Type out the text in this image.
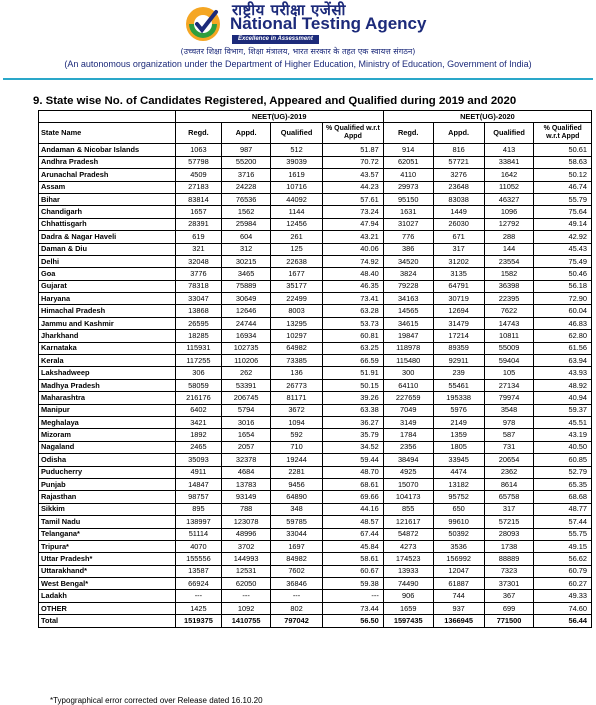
राष्ट्रीय परीक्षा एजेंसी
National Testing Agency
Excellence in Assessment
(उच्चतर शिक्षा विभाग, शिक्षा मंत्रालय, भारत सरकार के तहत एक स्वायत्त संगठन)
(An autonomous organization under the Department of Higher Education, Ministry of Education, Government of India)
9. State wise No. of Candidates Registered, Appeared and Qualified during 2019 and 2020
	NEET(UG)-2019				NEET(UG)-2020			
State Name	Regd.	Appd.	Qualified	% Qualified w.r.t Appd	Regd.	Appd.	Qualified	% Qualified w.r.t Appd
Andaman & Nicobar Islands	1063	987	512	51.87	914	816	413	50.61
Andhra Pradesh	57798	55200	39039	70.72	62051	57721	33841	58.63
Arunachal Pradesh	4509	3716	1619	43.57	4110	3276	1642	50.12
Assam	27183	24228	10716	44.23	29973	23648	11052	46.74
Bihar	83814	76536	44092	57.61	95150	83038	46327	55.79
Chandigarh	1657	1562	1144	73.24	1631	1449	1096	75.64
Chhattisgarh	28391	25984	12456	47.94	31027	26030	12792	49.14
Dadra & Nagar Haveli	619	604	261	43.21	776	671	288	42.92
Daman & Diu	321	312	125	40.06	386	317	144	45.43
Delhi	32048	30215	22638	74.92	34520	31202	23554	75.49
Goa	3776	3465	1677	48.40	3824	3135	1582	50.46
Gujarat	78318	75889	35177	46.35	79228	64791	36398	56.18
Haryana	33047	30649	22499	73.41	34163	30719	22395	72.90
Himachal Pradesh	13868	12646	8003	63.28	14565	12694	7622	60.04
Jammu and Kashmir	26595	24744	13295	53.73	34615	31479	14743	46.83
Jharkhand	18285	16934	10297	60.81	19847	17214	10811	62.80
Karnataka	115931	102735	64982	63.25	118978	89359	55009	61.56
Kerala	117255	110206	73385	66.59	115480	92911	59404	63.94
Lakshadweep	306	262	136	51.91	300	239	105	43.93
Madhya Pradesh	58059	53391	26773	50.15	64110	55461	27134	48.92
Maharashtra	216176	206745	81171	39.26	227659	195338	79974	40.94
Manipur	6402	5794	3672	63.38	7049	5976	3548	59.37
Meghalaya	3421	3016	1094	36.27	3149	2149	978	45.51
Mizoram	1892	1654	592	35.79	1784	1359	587	43.19
Nagaland	2465	2057	710	34.52	2356	1805	731	40.50
Odisha	35093	32378	19244	59.44	38494	33945	20654	60.85
Puducherry	4911	4684	2281	48.70	4925	4474	2362	52.79
Punjab	14847	13783	9456	68.61	15070	13182	8614	65.35
Rajasthan	98757	93149	64890	69.66	104173	95752	65758	68.68
Sikkim	895	788	348	44.16	855	650	317	48.77
Tamil Nadu	138997	123078	59785	48.57	121617	99610	57215	57.44
Telangana*	51114	48996	33044	67.44	54872	50392	28093	55.75
Tripura*	4070	3702	1697	45.84	4273	3536	1738	49.15
Uttar Pradesh*	155556	144993	84982	58.61	174523	156992	88889	56.62
Uttarakhand*	13587	12531	7602	60.67	13933	12047	7323	60.79
West Bengal*	66924	62050	36846	59.38	74490	61887	37301	60.27
Ladakh	---	---	---	---	906	744	367	49.33
OTHER	1425	1092	802	73.44	1659	937	699	74.60
Total	1519375	1410755	797042	56.50	1597435	1366945	771500	56.44
*Typographical error corrected over Release dated 16.10.20
